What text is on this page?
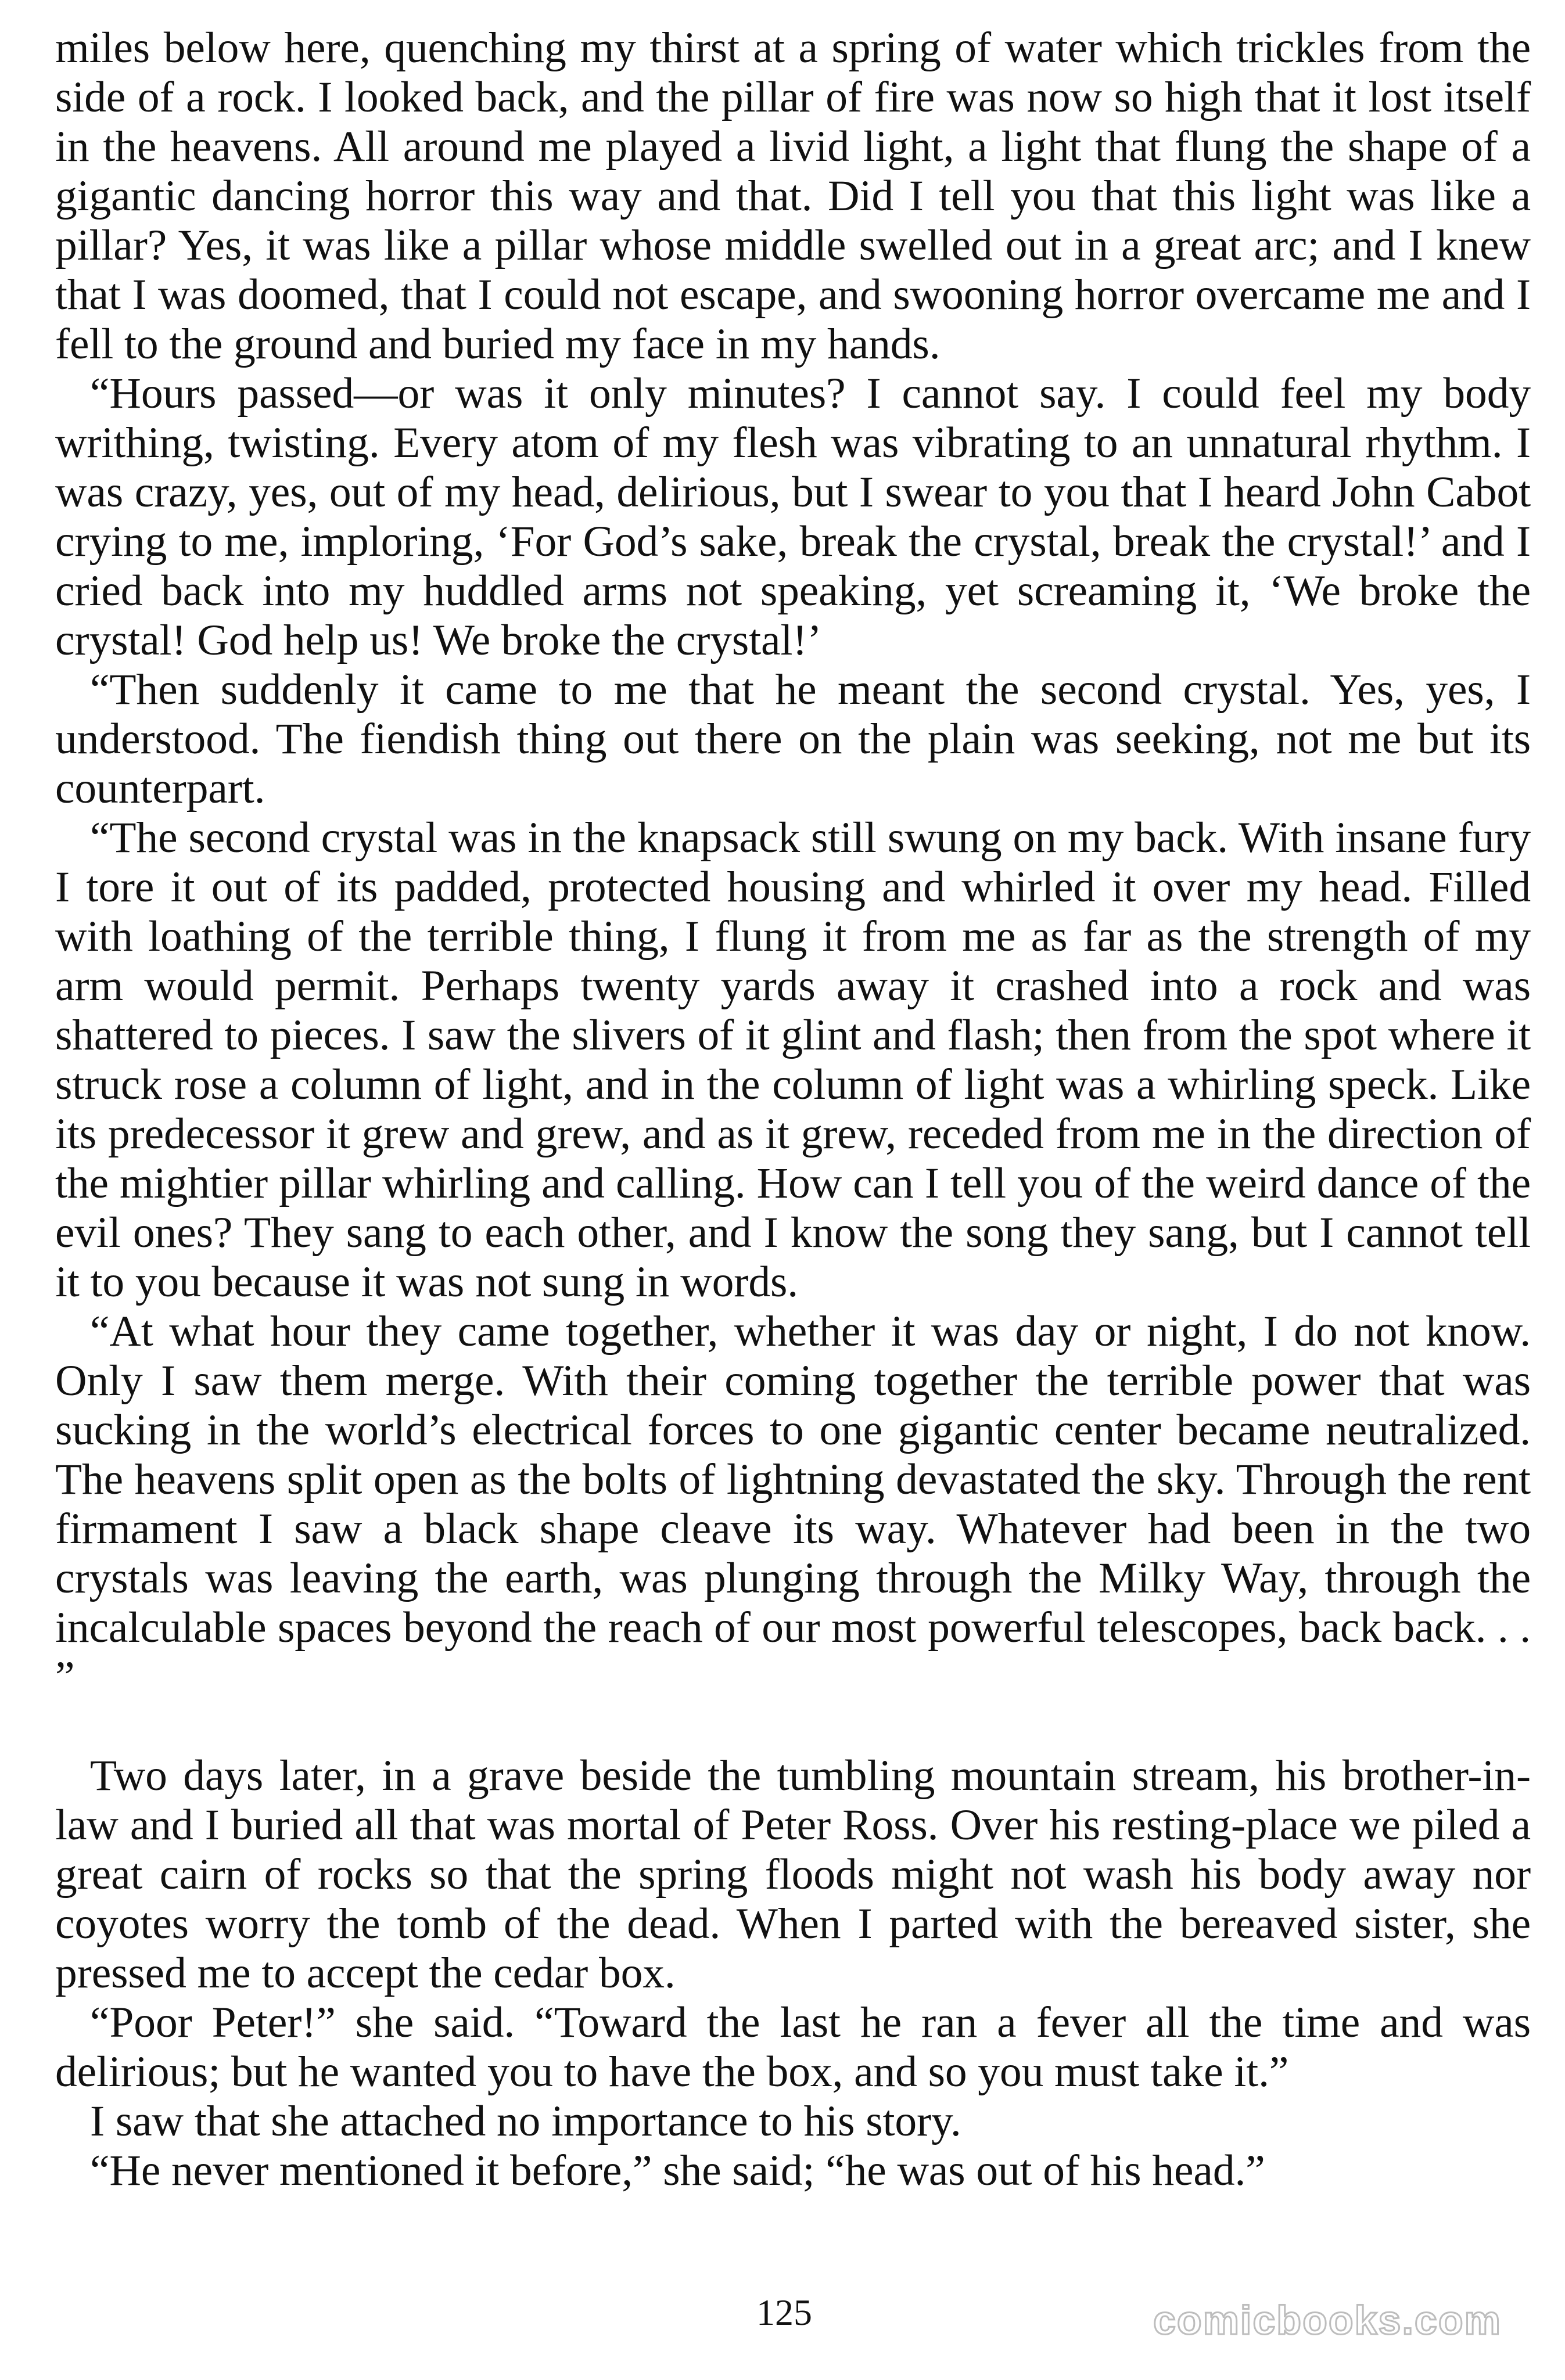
miles below here, quenching my thirst at a spring of water which trickles from the side of a rock. I looked back, and the pillar of fire was now so high that it lost itself in the heavens. All around me played a livid light, a light that flung the shape of a gigantic dancing horror this way and that. Did I tell you that this light was like a pillar? Yes, it was like a pillar whose middle swelled out in a great arc; and I knew that I was doomed, that I could not escape, and swooning horror overcame me and I fell to the ground and buried my face in my hands.

“Hours passed—or was it only minutes? I cannot say. I could feel my body writhing, twisting. Every atom of my flesh was vibrating to an unnatural rhythm. I was crazy, yes, out of my head, delirious, but I swear to you that I heard John Cabot crying to me, imploring, ‘For God’s sake, break the crystal, break the crystal!’ and I cried back into my huddled arms not speaking, yet screaming it, ‘We broke the crystal! God help us! We broke the crystal!’

“Then suddenly it came to me that he meant the second crystal. Yes, yes, I understood. The fiendish thing out there on the plain was seeking, not me but its counterpart.

“The second crystal was in the knapsack still swung on my back. With insane fury I tore it out of its padded, protected housing and whirled it over my head. Filled with loathing of the terrible thing, I flung it from me as far as the strength of my arm would permit. Perhaps twenty yards away it crashed into a rock and was shattered to pieces. I saw the slivers of it glint and flash; then from the spot where it struck rose a column of light, and in the column of light was a whirling speck. Like its predecessor it grew and grew, and as it grew, receded from me in the direction of the mightier pillar whirling and calling. How can I tell you of the weird dance of the evil ones? They sang to each other, and I know the song they sang, but I cannot tell it to you because it was not sung in words.

“At what hour they came together, whether it was day or night, I do not know. Only I saw them merge. With their coming together the terrible power that was sucking in the world’s electrical forces to one gigantic center became neutralized. The heavens split open as the bolts of lightning devastated the sky. Through the rent firmament I saw a black shape cleave its way. Whatever had been in the two crystals was leaving the earth, was plunging through the Milky Way, through the incalculable spaces beyond the reach of our most powerful telescopes, back back. . . ”

Two days later, in a grave beside the tumbling mountain stream, his brother-in-law and I buried all that was mortal of Peter Ross. Over his resting-place we piled a great cairn of rocks so that the spring floods might not wash his body away nor coyotes worry the tomb of the dead. When I parted with the bereaved sister, she pressed me to accept the cedar box.

“Poor Peter!” she said. “Toward the last he ran a fever all the time and was delirious; but he wanted you to have the box, and so you must take it.”

I saw that she attached no importance to his story.

“He never mentioned it before,” she said; “he was out of his head.”

125	comicbooks.com
